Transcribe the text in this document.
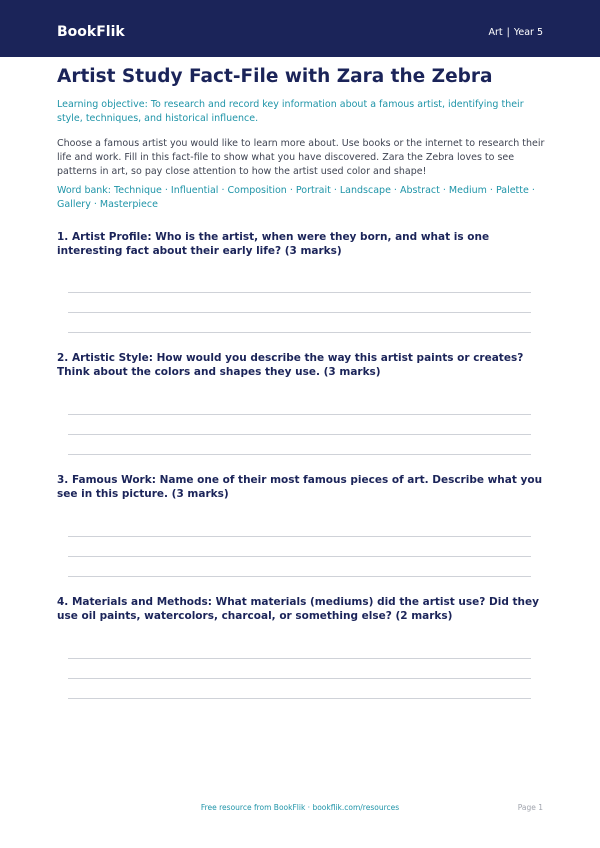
BookFlik	Art | Year 5
Artist Study Fact-File with Zara the Zebra

Learning objective: To research and record key information about a famous artist, identifying their style, techniques, and historical influence.

Choose a famous artist you would like to learn more about. Use books or the internet to research their life and work. Fill in this fact-file to show what you have discovered. Zara the Zebra loves to see patterns in art, so pay close attention to how the artist used color and shape!

Word bank: Technique · Influential · Composition · Portrait · Landscape · Abstract · Medium · Palette · Gallery · Masterpiece

1. Artist Profile: Who is the artist, when were they born, and what is one interesting fact about their early life? (3 marks)

2. Artistic Style: How would you describe the way this artist paints or creates? Think about the colors and shapes they use. (3 marks)

3. Famous Work: Name one of their most famous pieces of art. Describe what you see in this picture. (3 marks)

4. Materials and Methods: What materials (mediums) did the artist use? Did they use oil paints, watercolors, charcoal, or something else? (2 marks)

Free resource from BookFlik · bookflik.com/resources	Page 1
